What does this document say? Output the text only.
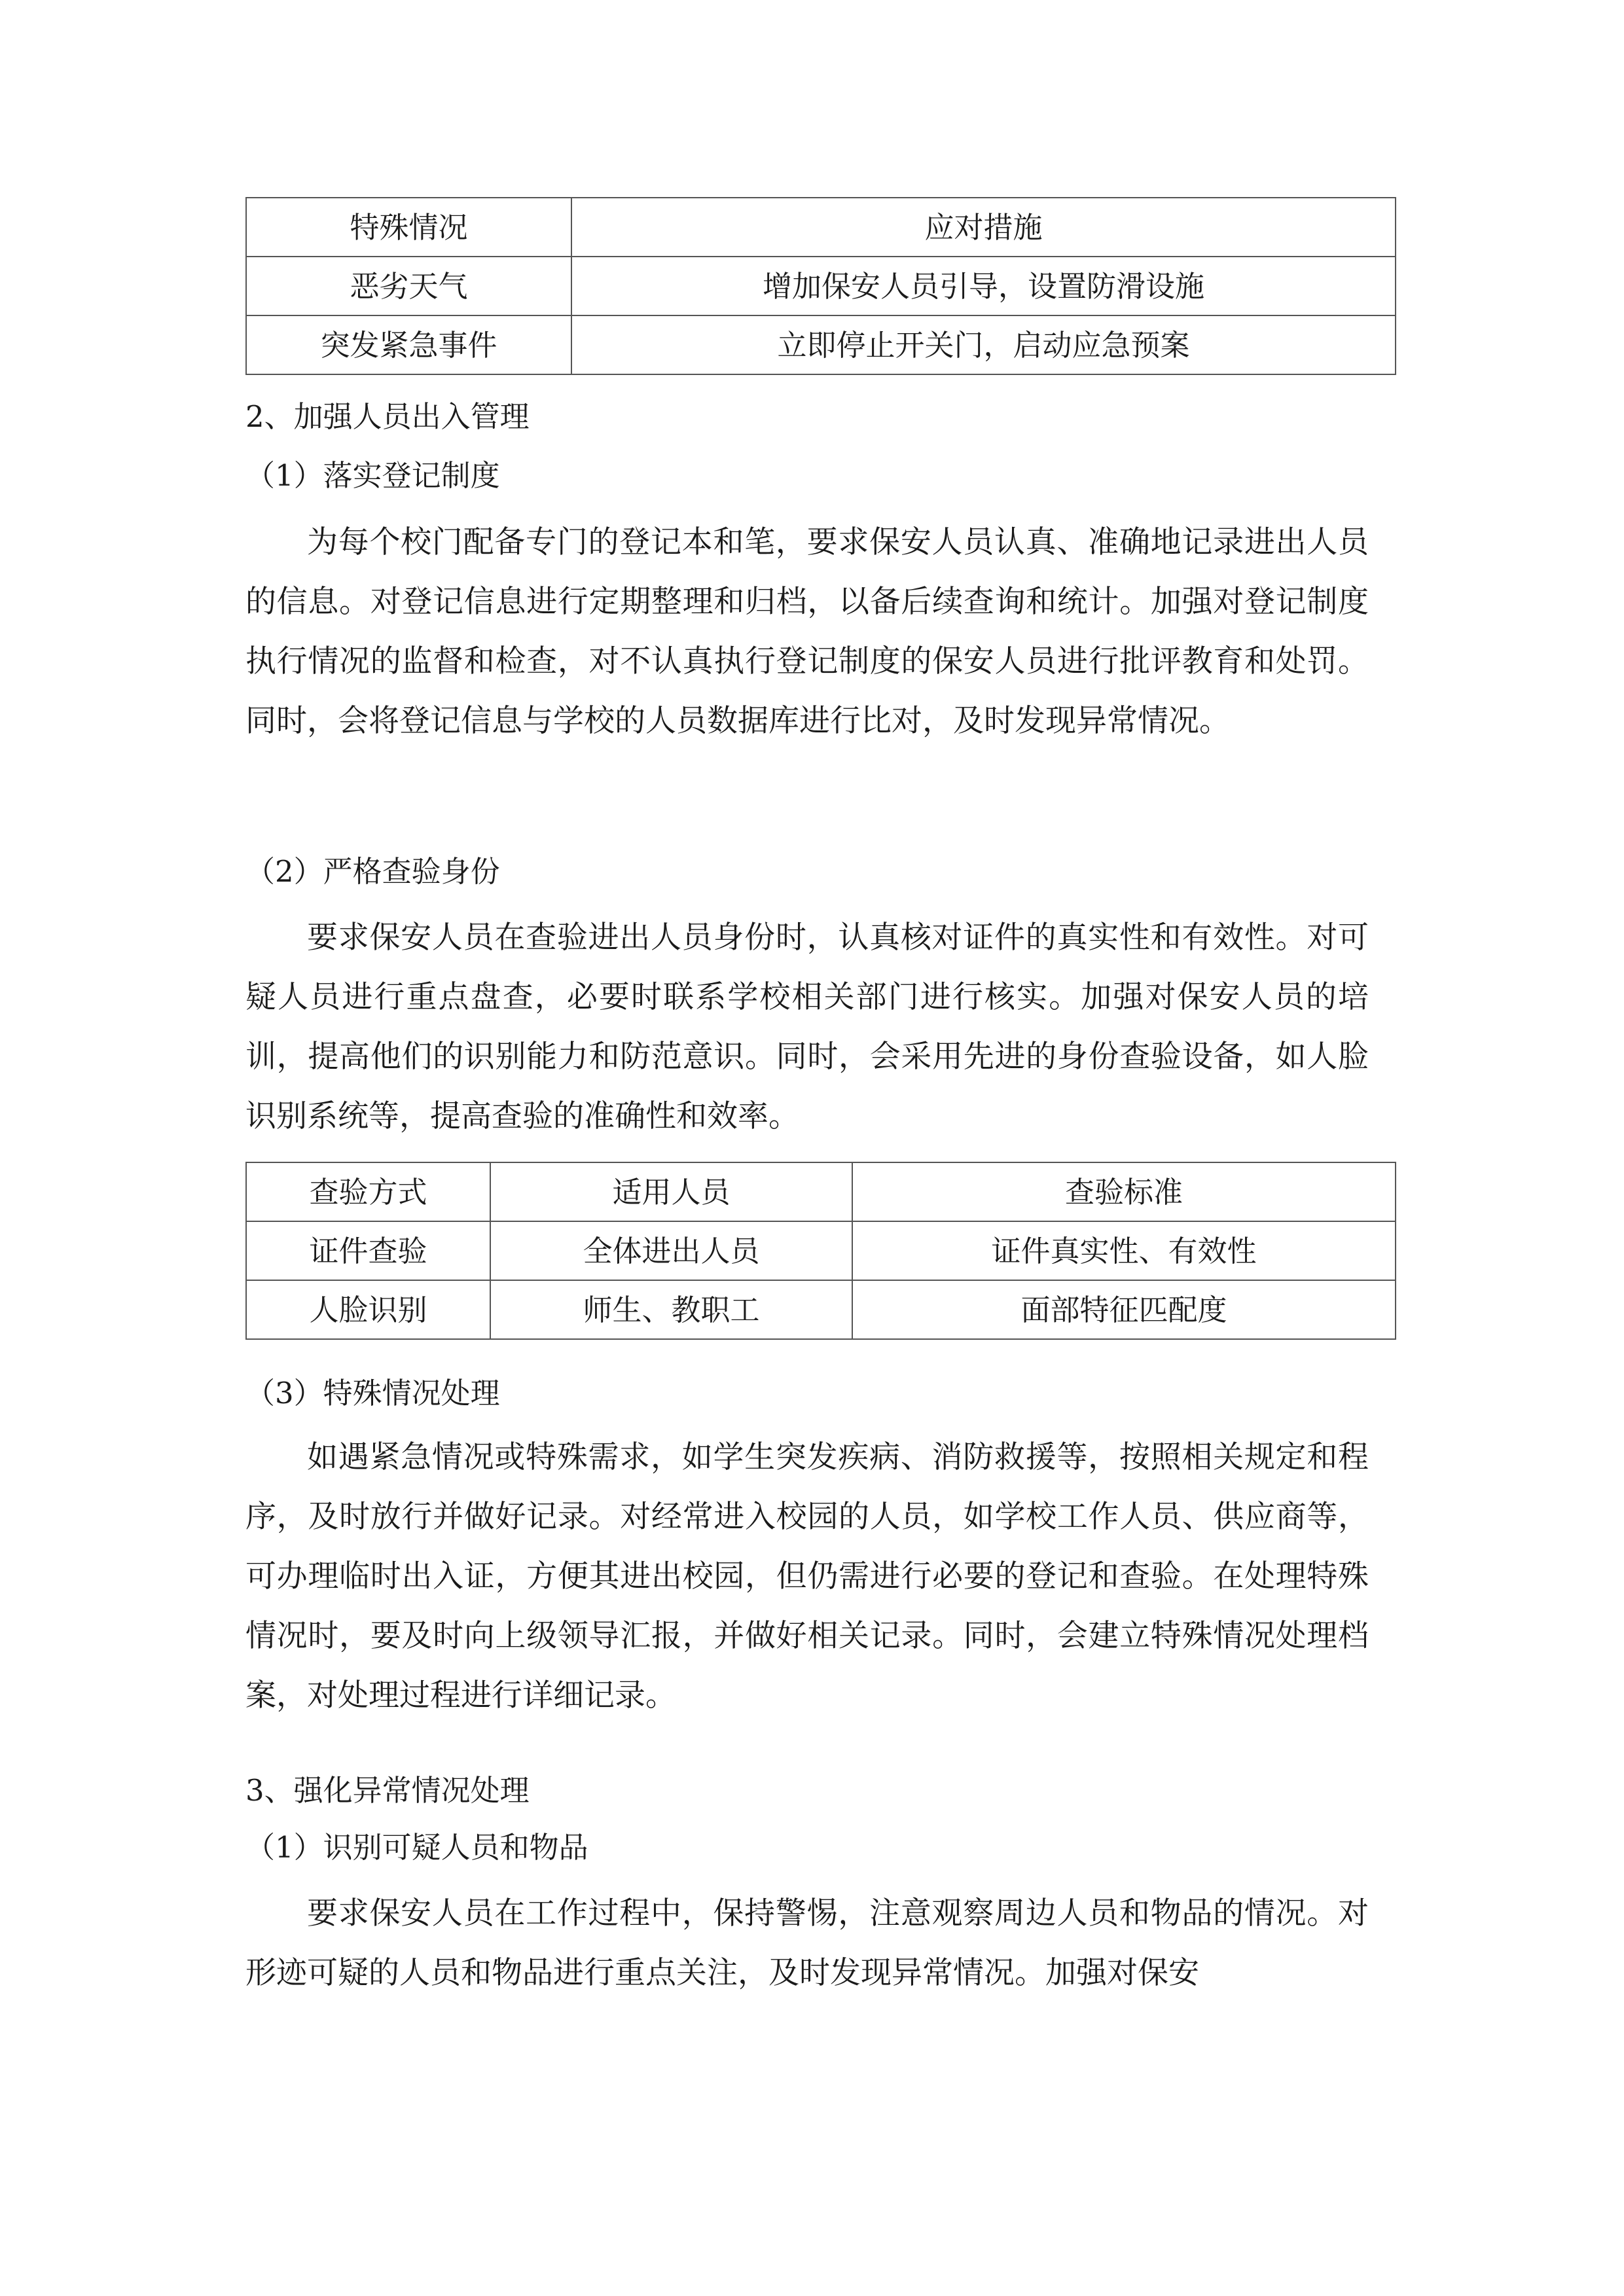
特殊情况	应对措施
恶劣天气	增加保安人员引导，设置防滑设施
突发紧急事件	立即停止开关门，启动应急预案
2、加强人员出入管理
（1）落实登记制度

为每个校门配备专门的登记本和笔，要求保安人员认真、准确地记录进出人员的信息。对登记信息进行定期整理和归档，以备后续查询和统计。加强对登记制度执行情况的监督和检查，对不认真执行登记制度的保安人员进行批评教育和处罚。同时，会将登记信息与学校的人员数据库进行比对，及时发现异常情况。

（2）严格查验身份

要求保安人员在查验进出人员身份时，认真核对证件的真实性和有效性。对可疑人员进行重点盘查，必要时联系学校相关部门进行核实。加强对保安人员的培训，提高他们的识别能力和防范意识。同时，会采用先进的身份查验设备，如人脸识别系统等，提高查验的准确性和效率。

查验方式	适用人员	查验标准
证件查验	全体进出人员	证件真实性、有效性
人脸识别	师生、教职工	面部特征匹配度
（3）特殊情况处理

如遇紧急情况或特殊需求，如学生突发疾病、消防救援等，按照相关规定和程序，及时放行并做好记录。对经常进入校园的人员，如学校工作人员、供应商等，可办理临时出入证，方便其进出校园，但仍需进行必要的登记和查验。在处理特殊情况时，要及时向上级领导汇报，并做好相关记录。同时，会建立特殊情况处理档案，对处理过程进行详细记录。

3、强化异常情况处理
（1）识别可疑人员和物品

要求保安人员在工作过程中，保持警惕，注意观察周边人员和物品的情况。对形迹可疑的人员和物品进行重点关注，及时发现异常情况。加强对保安
